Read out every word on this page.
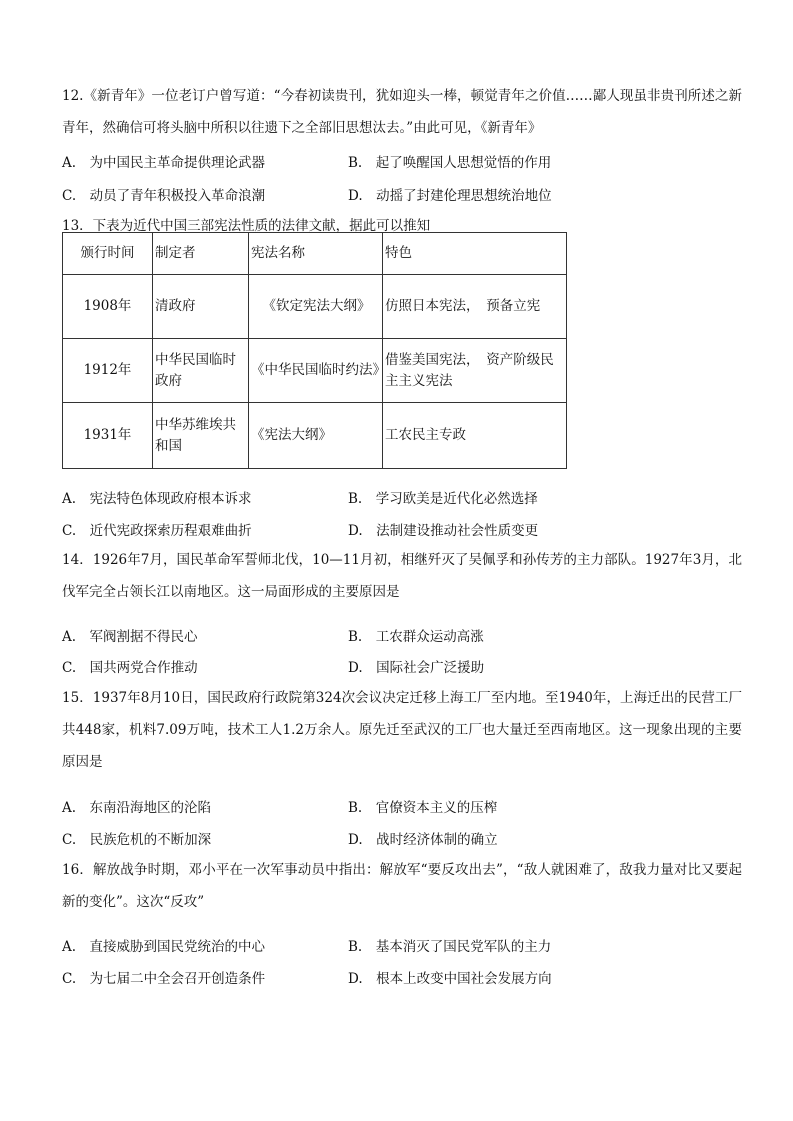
12.《新青年》一位老订户曾写道：“今春初读贵刊，犹如迎头一棒，顿觉青年之价值……鄙人现虽非贵刊所述之新青年，然确信可将头脑中所积以往遗下之全部旧思想汰去。”由此可见，《新青年》
A.　为中国民主革命提供理论武器	B.　起了唤醒国人思想觉悟的作用
C.　动员了青年积极投入革命浪潮	D.　动摇了封建伦理思想统治地位
13．下表为近代中国三部宪法性质的法律文献，据此可以推知
颁行时间	制定者	宪法名称	特色
1908年	清政府	《钦定宪法大纲》	仿照日本宪法，　预备立宪
1912年	中华民国临时政府	《中华民国临时约法》	借鉴美国宪法，　资产阶级民主主义宪法
1931年	中华苏维埃共和国	《宪法大纲》	工农民主专政
A.　宪法特色体现政府根本诉求	B.　学习欧美是近代化必然选择
C.　近代宪政探索历程艰难曲折	D.　法制建设推动社会性质变更
14．1926年7月，国民革命军誓师北伐，10—11月初，相继歼灭了吴佩孚和孙传芳的主力部队。1927年3月，北伐军完全占领长江以南地区。这一局面形成的主要原因是
A.　军阀割据不得民心	B.　工农群众运动高涨
C.　国共两党合作推动	D.　国际社会广泛援助
15．1937年8月10日，国民政府行政院第324次会议决定迁移上海工厂至内地。至1940年，上海迁出的民营工厂共448家，机料7.09万吨，技术工人1.2万余人。原先迁至武汉的工厂也大量迁至西南地区。这一现象出现的主要原因是
A.　东南沿海地区的沦陷	B.　官僚资本主义的压榨
C.　民族危机的不断加深	D.　战时经济体制的确立
16．解放战争时期，邓小平在一次军事动员中指出：解放军“要反攻出去”，“敌人就困难了，敌我力量对比又要起新的变化”。这次“反攻”
A.　直接威胁到国民党统治的中心	B.　基本消灭了国民党军队的主力
C.　为七届二中全会召开创造条件	D.　根本上改变中国社会发展方向
